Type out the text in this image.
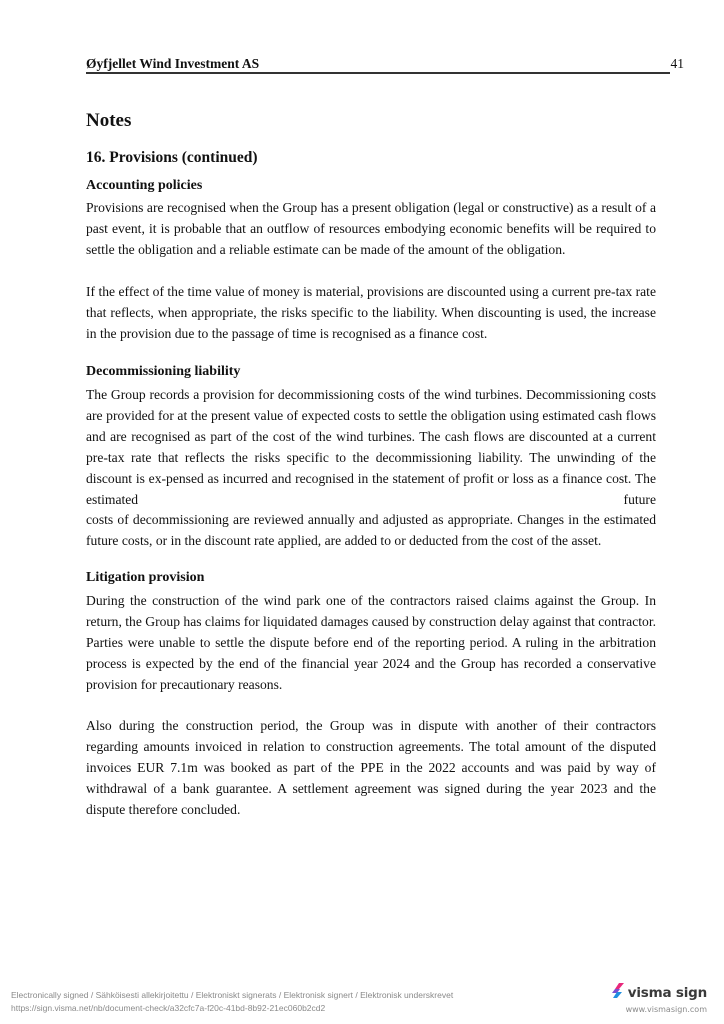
Øyfjellet Wind Investment AS	41
Notes
16. Provisions (continued)
Accounting policies
Provisions are recognised when the Group has a present obligation (legal or constructive) as a result of a past event, it is probable that an outflow of resources embodying economic benefits will be required to settle the obligation and a reliable estimate can be made of the amount of the obligation.
If the effect of the time value of money is material, provisions are discounted using a current pre-tax rate that reflects, when appropriate, the risks specific to the liability. When discounting is used, the increase in the provision due to the passage of time is recognised as a finance cost.
Decommissioning liability
The Group records a provision for decommissioning costs of the wind turbines. Decommissioning costs are provided for at the present value of expected costs to settle the obligation using estimated cash flows and are recognised as part of the cost of the wind turbines. The cash flows are discounted at a current pre-tax rate that reflects the risks specific to the decommissioning liability. The unwinding of the discount is ex-pensed as incurred and recognised in the statement of profit or loss as a finance cost. The estimated future
costs of decommissioning are reviewed annually and adjusted as appropriate. Changes in the estimated future costs, or in the discount rate applied, are added to or deducted from the cost of the asset.
Litigation provision
During the construction of the wind park one of the contractors raised claims against the Group. In return, the Group has claims for liquidated damages caused by construction delay against that contractor. Parties were unable to settle the dispute before end of the reporting period. A ruling in the arbitration process is expected by the end of the financial year 2024 and the Group has recorded a conservative provision for precautionary reasons.
Also during the construction period, the Group was in dispute with another of their contractors regarding amounts invoiced in relation to construction agreements. The total amount of the disputed invoices EUR 7.1m was booked as part of the PPE in the 2022 accounts and was paid by way of withdrawal of a bank guarantee. A settlement agreement was signed during the year 2023 and the dispute therefore concluded.
Electronically signed / Sähköisesti allekirjoitettu / Elektroniskt signerats / Elektronisk signert / Elektronisk underskrevet
https://sign.visma.net/nb/document-check/a32cfc7a-f20c-41bd-8b92-21ec060b2cd2
visma sign
www.vismasign.com
